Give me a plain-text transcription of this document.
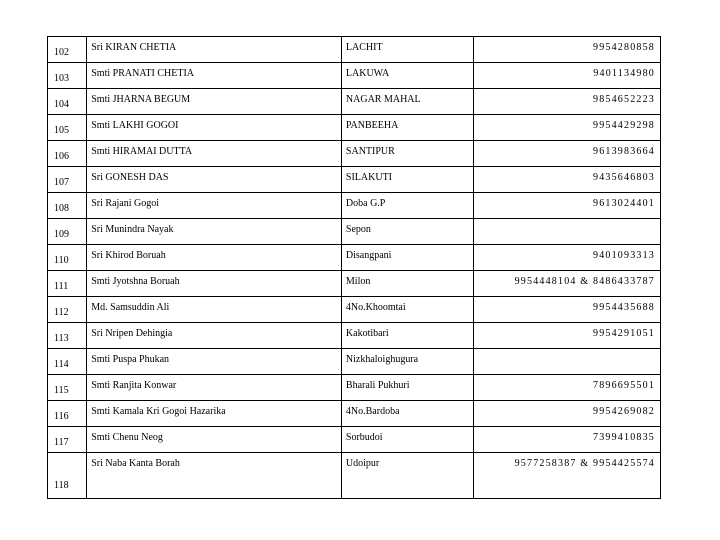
102	Sri KIRAN CHETIA	LACHIT	9954280858
103	Smti PRANATI CHETIA	LAKUWA	9401134980
104	Smti JHARNA BEGUM	NAGAR MAHAL	9854652223
105	Smti LAKHI GOGOI	PANBEEHA	9954429298
106	Smti HIRAMAI DUTTA	SANTIPUR	9613983664
107	Sri GONESH DAS	SILAKUTI	9435646803
108	Sri Rajani Gogoi	Doba G.P	9613024401
109	Sri Munindra Nayak	Sepon	
110	Sri Khirod Boruah	Disangpani	9401093313
111	Smti Jyotshna Boruah	Milon	9954448104 & 8486433787
112	Md. Samsuddin Ali	4No.Khoomtai	9954435688
113	Sri Nripen Dehingia	Kakotibari	9954291051
114	Smti Puspa Phukan	Nizkhaloighugura	
115	Smti Ranjita Konwar	Bharali Pukhuri	7896695501
116	Smti Kamala Kri Gogoi Hazarika	4No.Bardoba	9954269082
117	Smti Chenu Neog	Sorbudoi	7399410835
118	Sri Naba Kanta Borah	Udoipur	9577258387 & 9954425574
